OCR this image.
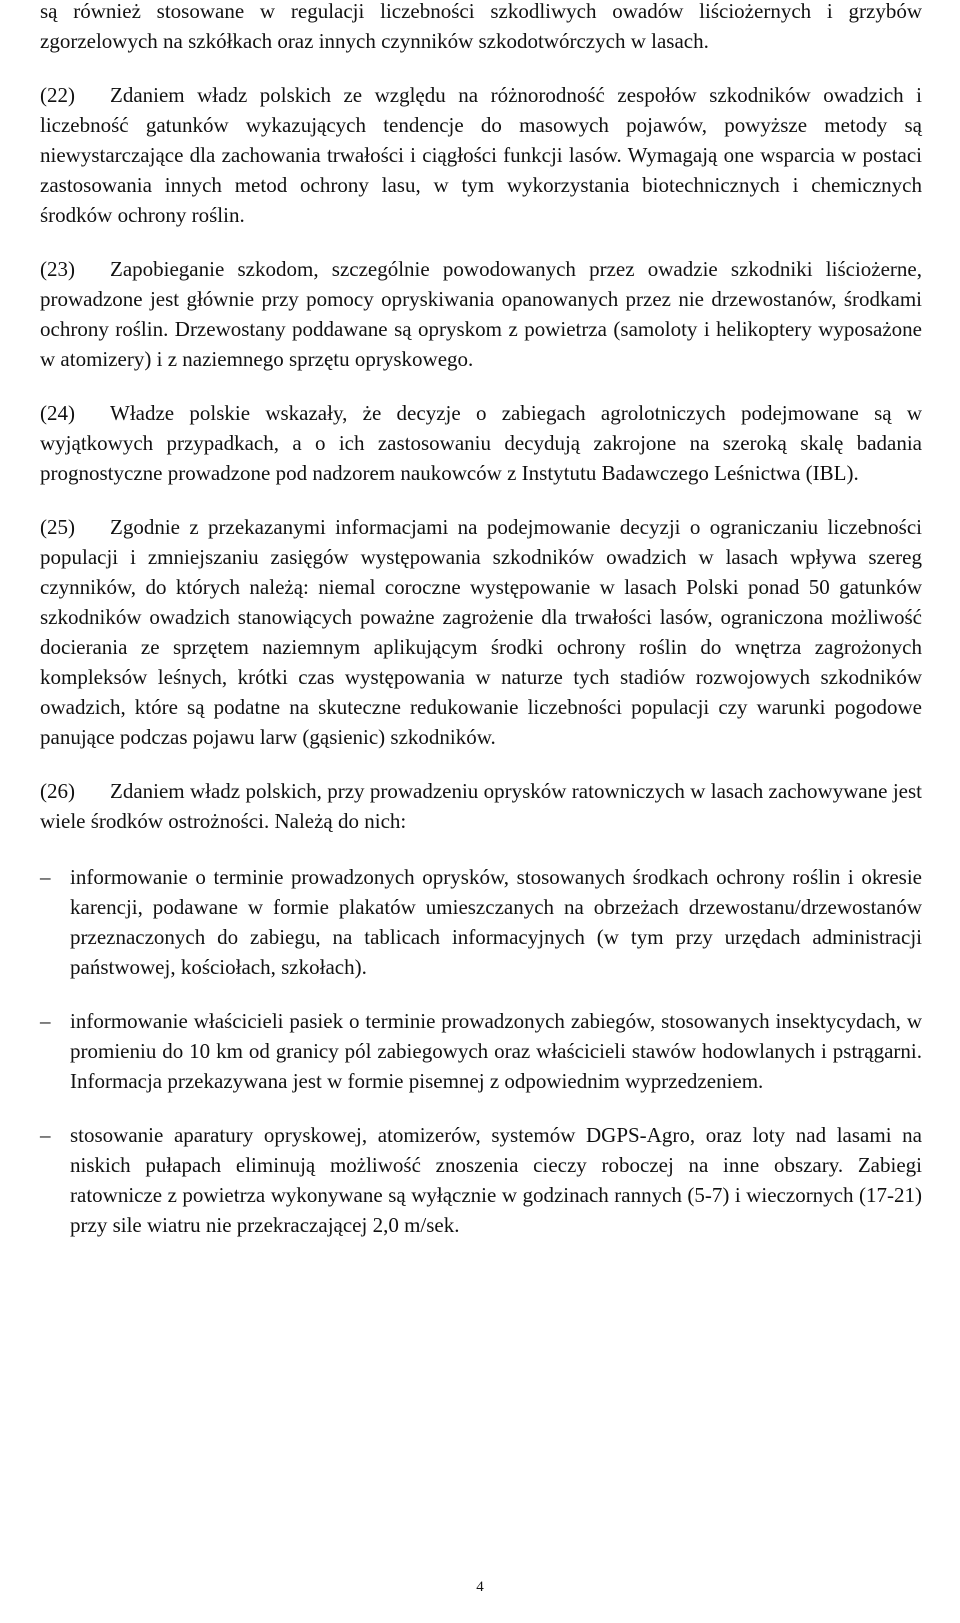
są również stosowane w regulacji liczebności szkodliwych owadów liściożernych i grzybów zgorzelowych na szkółkach oraz innych czynników szkodotwórczych w lasach.

(22) Zdaniem władz polskich ze względu na różnorodność zespołów szkodników owadzich i liczebność gatunków wykazujących tendencje do masowych pojawów, powyższe metody są niewystarczające dla zachowania trwałości i ciągłości funkcji lasów. Wymagają one wsparcia w postaci zastosowania innych metod ochrony lasu, w tym wykorzystania biotechnicznych i chemicznych środków ochrony roślin.

(23) Zapobieganie szkodom, szczególnie powodowanych przez owadzie szkodniki liściożerne, prowadzone jest głównie przy pomocy opryskiwania opanowanych przez nie drzewostanów, środkami ochrony roślin. Drzewostany poddawane są opryskom z powietrza (samoloty i helikoptery wyposażone w atomizery) i z naziemnego sprzętu opryskowego.

(24) Władze polskie wskazały, że decyzje o zabiegach agrolotniczych podejmowane są w wyjątkowych przypadkach, a o ich zastosowaniu decydują zakrojone na szeroką skalę badania prognostyczne prowadzone pod nadzorem naukowców z Instytutu Badawczego Leśnictwa (IBL).

(25) Zgodnie z przekazanymi informacjami na podejmowanie decyzji o ograniczaniu liczebności populacji i zmniejszaniu zasięgów występowania szkodników owadzich w lasach wpływa szereg czynników, do których należą: niemal coroczne występowanie w lasach Polski ponad 50 gatunków szkodników owadzich stanowiących poważne zagrożenie dla trwałości lasów, ograniczona możliwość docierania ze sprzętem naziemnym aplikującym środki ochrony roślin do wnętrza zagrożonych kompleksów leśnych, krótki czas występowania w naturze tych stadiów rozwojowych szkodników owadzich, które są podatne na skuteczne redukowanie liczebności populacji czy warunki pogodowe panujące podczas pojawu larw (gąsienic) szkodników.

(26) Zdaniem władz polskich, przy prowadzeniu oprysków ratowniczych w lasach zachowywane jest wiele środków ostrożności. Należą do nich:

– informowanie o terminie prowadzonych oprysków, stosowanych środkach ochrony roślin i okresie karencji, podawane w formie plakatów umieszczanych na obrzeżach drzewostanu/drzewostanów przeznaczonych do zabiegu, na tablicach informacyjnych (w tym przy urzędach administracji państwowej, kościołach, szkołach).

– informowanie właścicieli pasiek o terminie prowadzonych zabiegów, stosowanych insektycydach, w promieniu do 10 km od granicy pól zabiegowych oraz właścicieli stawów hodowlanych i pstrągarni. Informacja przekazywana jest w formie pisemnej z odpowiednim wyprzedzeniem.

– stosowanie aparatury opryskowej, atomizerów, systemów DGPS-Agro, oraz loty nad lasami na niskich pułapach eliminują możliwość znoszenia cieczy roboczej na inne obszary. Zabiegi ratownicze z powietrza wykonywane są wyłącznie w godzinach rannych (5-7) i wieczornych (17-21) przy sile wiatru nie przekraczającej 2,0 m/sek.

4
